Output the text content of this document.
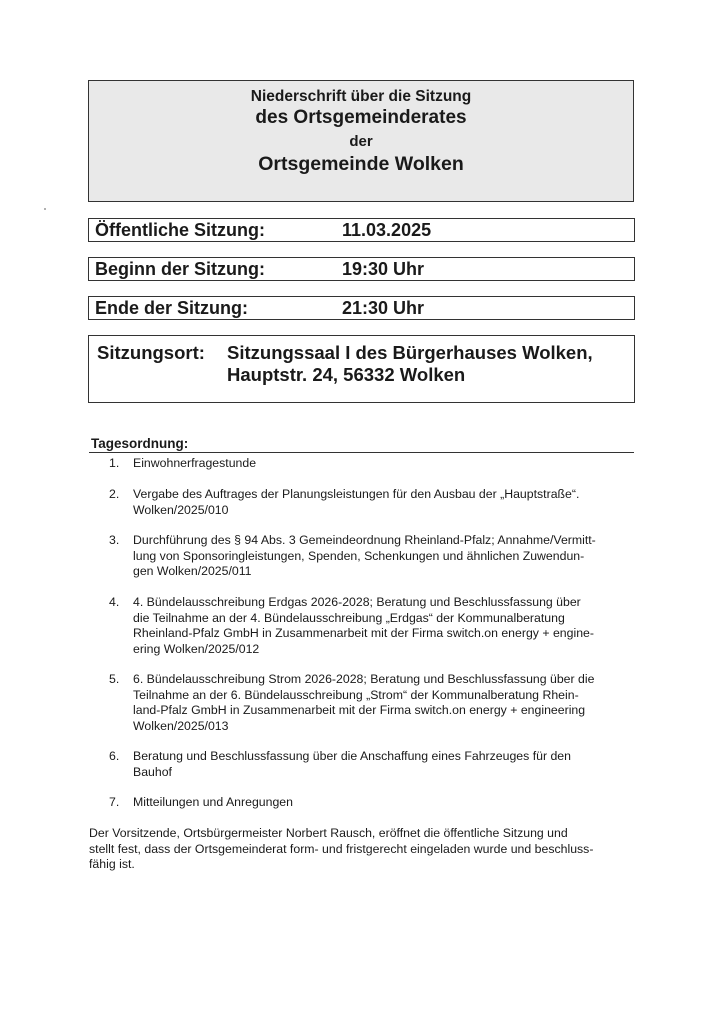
Niederschrift über die Sitzung
des Ortsgemeinderates
der
Ortsgemeinde Wolken
Öffentliche Sitzung:	11.03.2025
Beginn der Sitzung:	19:30 Uhr
Ende der Sitzung:	21:30 Uhr
Sitzungsort: Sitzungssaal I des Bürgerhauses Wolken,
Hauptstr. 24, 56332 Wolken
Tagesordnung:
1.	Einwohnerfragestunde
2.	Vergabe des Auftrages der Planungsleistungen für den Ausbau der „Hauptstraße“.
Wolken/2025/010
3.	Durchführung des § 94 Abs. 3 Gemeindeordnung Rheinland-Pfalz; Annahme/Vermitt-
lung von Sponsoringleistungen, Spenden, Schenkungen und ähnlichen Zuwendun-
gen Wolken/2025/011
4.	4. Bündelausschreibung Erdgas 2026-2028; Beratung und Beschlussfassung über
die Teilnahme an der 4. Bündelausschreibung „Erdgas“ der Kommunalberatung
Rheinland-Pfalz GmbH in Zusammenarbeit mit der Firma switch.on energy + engine-
ering Wolken/2025/012
5.	6. Bündelausschreibung Strom 2026-2028; Beratung und Beschlussfassung über die
Teilnahme an der 6. Bündelausschreibung „Strom“ der Kommunalberatung Rhein-
land-Pfalz GmbH in Zusammenarbeit mit der Firma switch.on energy + engineering
Wolken/2025/013
6.	Beratung und Beschlussfassung über die Anschaffung eines Fahrzeuges für den
Bauhof
7.	Mitteilungen und Anregungen
Der Vorsitzende, Ortsbürgermeister Norbert Rausch, eröffnet die öffentliche Sitzung und
stellt fest, dass der Ortsgemeinderat form- und fristgerecht eingeladen wurde und beschluss-
fähig ist.
